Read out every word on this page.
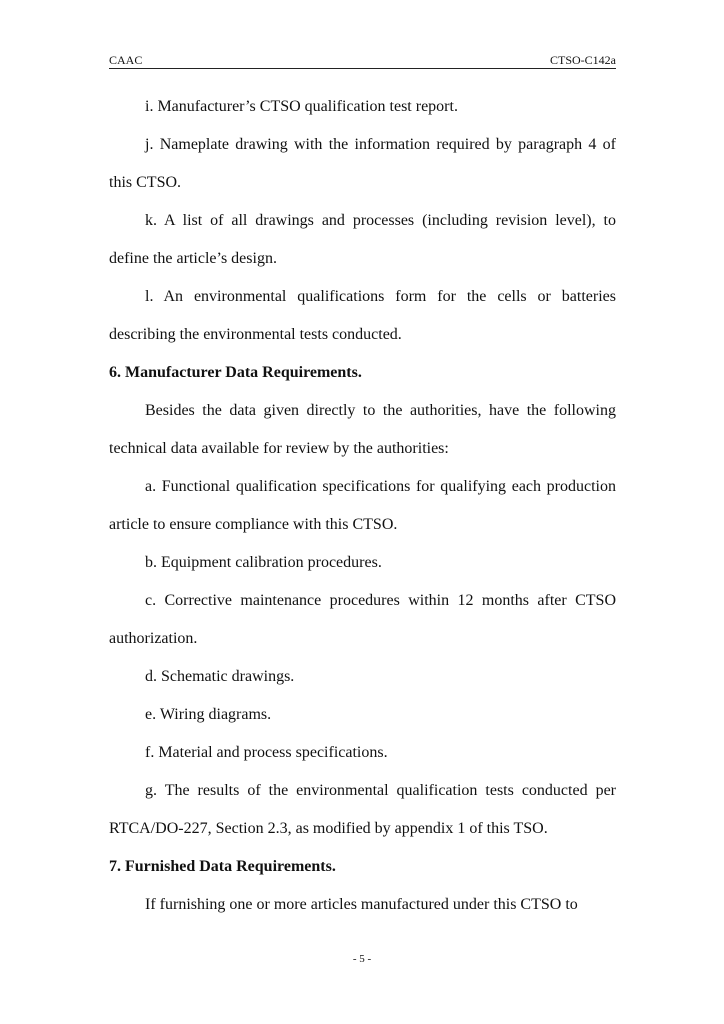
CAAC	CTSO-C142a

i. Manufacturer’s CTSO qualification test report.

j. Nameplate drawing with the information required by paragraph 4 of this CTSO.

k. A list of all drawings and processes (including revision level), to define the article’s design.

l. An environmental qualifications form for the cells or batteries describing the environmental tests conducted.

6. Manufacturer Data Requirements.

Besides the data given directly to the authorities, have the following technical data available for review by the authorities:

a. Functional qualification specifications for qualifying each production article to ensure compliance with this CTSO.

b. Equipment calibration procedures.

c. Corrective maintenance procedures within 12 months after CTSO authorization.

d. Schematic drawings.

e. Wiring diagrams.

f. Material and process specifications.

g. The results of the environmental qualification tests conducted per RTCA/DO-227, Section 2.3, as modified by appendix 1 of this TSO.

7. Furnished Data Requirements.

If furnishing one or more articles manufactured under this CTSO to

- 5 -
